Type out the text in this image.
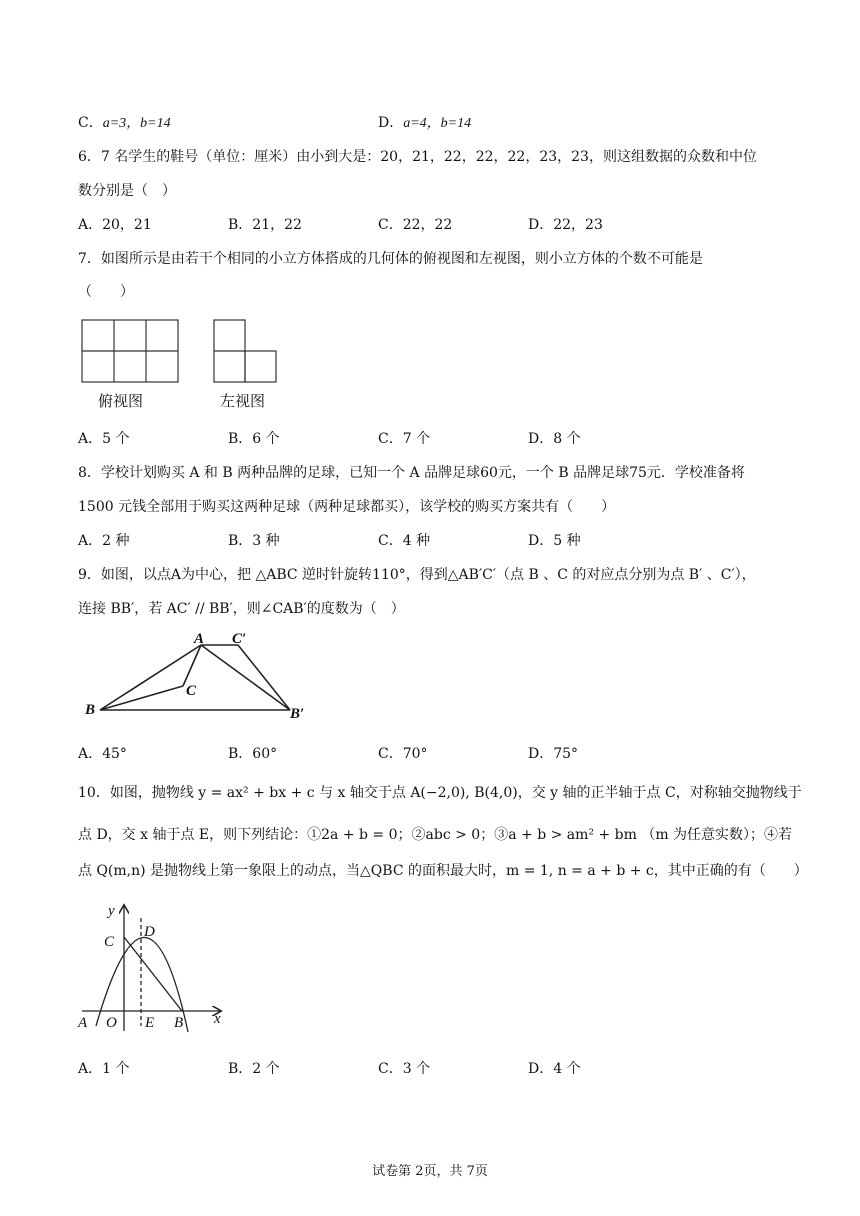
C．a=3，b=14	D．a=4，b=14
6．7 名学生的鞋号（单位：厘米）由小到大是：20，21，22，22，22，23，23，则这组数据的众数和中位
数分别是（　）
A．20，21	B．21，22	C．22，22	D．22，23
7．如图所示是由若干个相同的小立方体搭成的几何体的俯视图和左视图，则小立方体的个数不可能是
（　　）
俯视图	左视图
A．5 个	B．6 个	C．7 个	D．8 个
8．学校计划购买 A 和 B 两种品牌的足球，已知一个 A 品牌足球60元，一个 B 品牌足球75元．学校准备将
1500 元钱全部用于购买这两种足球（两种足球都买），该学校的购买方案共有（　　）
A．2 种	B．3 种	C．4 种	D．5 种
9．如图，以点A为中心，把 △ABC 逆时针旋转110°，得到△AB′C′（点 B 、C 的对应点分别为点 B′ 、C′），
连接 BB′，若 AC′ // BB′，则∠CAB′的度数为（　）
A C′
C
B	B′
A．45°	B．60°	C．70°	D．75°
10．如图，抛物线 y = ax² + bx + c 与 x 轴交于点 A(−2,0), B(4,0)，交 y 轴的正半轴于点 C，对称轴交抛物线于
点 D，交 x 轴于点 E，则下列结论：①2a + b = 0；②abc > 0；③a + b > am² + bm （m 为任意实数）；④若
点 Q(m,n) 是抛物线上第一象限上的动点，当△QBC 的面积最大时，m = 1, n = a + b + c，其中正确的有（　　）
y
x
C
D
A O E B
A．1 个	B．2 个	C．3 个	D．4 个
试卷第 2页，共 7页
